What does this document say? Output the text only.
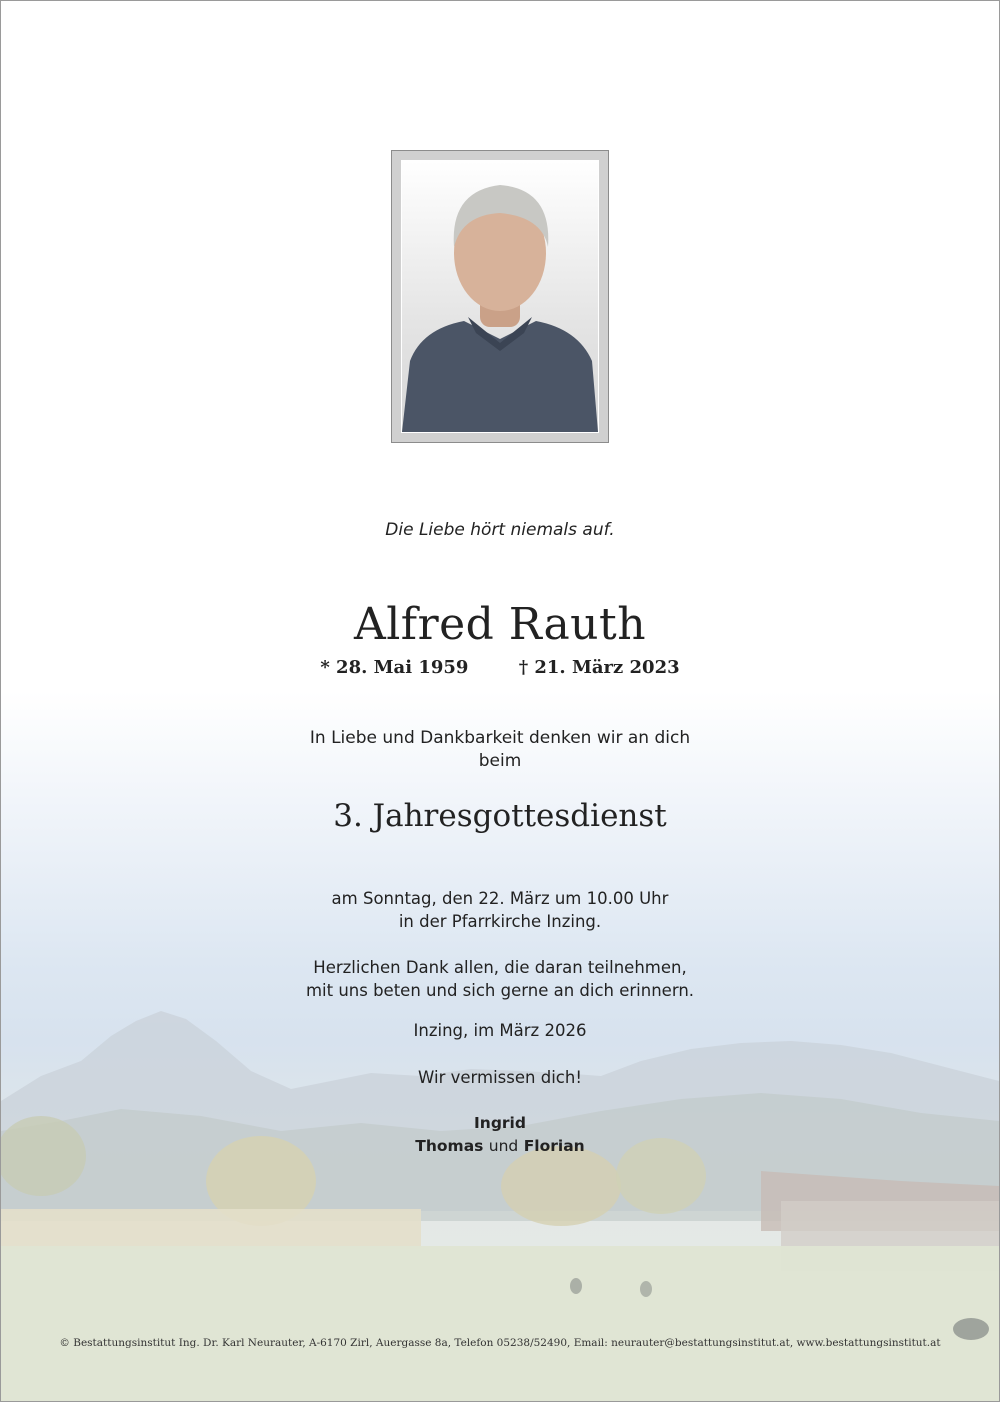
Die Liebe hört niemals auf.
Alfred Rauth
* 28. Mai 1959	† 21. März 2023
In Liebe und Dankbarkeit denken wir an dich
beim
3. Jahresgottesdienst
am Sonntag, den 22. März um 10.00 Uhr
in der Pfarrkirche Inzing.
Herzlichen Dank allen, die daran teilnehmen,
mit uns beten und sich gerne an dich erinnern.
Inzing, im März 2026
Wir vermissen dich!
Ingrid
Thomas und Florian
© Bestattungsinstitut Ing. Dr. Karl Neurauter, A-6170 Zirl, Auergasse 8a, Telefon 05238/52490, Email: neurauter@bestattungsinstitut.at, www.bestattungsinstitut.at
